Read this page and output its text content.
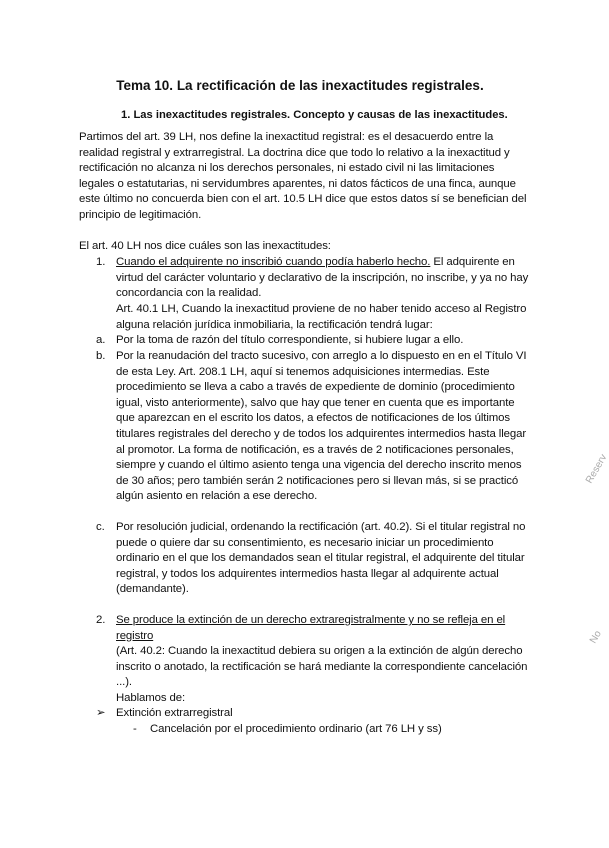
Tema 10. La rectificación de las inexactitudes registrales.
1. Las inexactitudes registrales. Concepto y causas de las inexactitudes.
Partimos del art. 39 LH, nos define la inexactitud registral: es el desacuerdo entre la realidad registral y extrarregistral. La doctrina dice que todo lo relativo a la inexactitud y rectificación no alcanza ni los derechos personales, ni estado civil ni las limitaciones legales o estatutarias, ni servidumbres aparentes, ni datos fácticos de una finca, aunque este último no concuerda bien con el art. 10.5 LH dice que estos datos sí se benefician del principio de legitimación.
El art. 40 LH nos dice cuáles son las inexactitudes:
1. Cuando el adquirente no inscribió cuando podía haberlo hecho. El adquirente en virtud del carácter voluntario y declarativo de la inscripción, no inscribe, y ya no hay concordancia con la realidad.
Art. 40.1 LH, Cuando la inexactitud proviene de no haber tenido acceso al Registro alguna relación jurídica inmobiliaria, la rectificación tendrá lugar:
a. Por la toma de razón del título correspondiente, si hubiere lugar a ello.
b. Por la reanudación del tracto sucesivo, con arreglo a lo dispuesto en en el Título VI de esta Ley. Art. 208.1 LH, aquí si tenemos adquisiciones intermedias. Este procedimiento se lleva a cabo a través de expediente de dominio (procedimiento igual, visto anteriormente), salvo que hay que tener en cuenta que es importante que aparezcan en el escrito los datos, a efectos de notificaciones de los últimos titulares registrales del derecho y de todos los adquirentes intermedios hasta llegar al promotor. La forma de notificación, es a través de 2 notificaciones personales, siempre y cuando el último asiento tenga una vigencia del derecho inscrito menos de 30 años; pero también serán 2 notificaciones pero si llevan más, si se practicó algún asiento en relación a ese derecho.
c. Por resolución judicial, ordenando la rectificación (art. 40.2). Si el titular registral no puede o quiere dar su consentimiento, es necesario iniciar un procedimiento ordinario en el que los demandados sean el titular registral, el adquirente del titular registral, y todos los adquirentes intermedios hasta llegar al adquirente actual (demandante).
2. Se produce la extinción de un derecho extraregistralmente y no se refleja en el registro
(Art. 40.2: Cuando la inexactitud debiera su origen a la extinción de algún derecho inscrito o anotado, la rectificación se hará mediante la correspondiente cancelación ...).
Hablamos de:
➢ Extinción extrarregistral
- Cancelación por el procedimiento ordinario (art 76 LH y ss)
Reserv
No
